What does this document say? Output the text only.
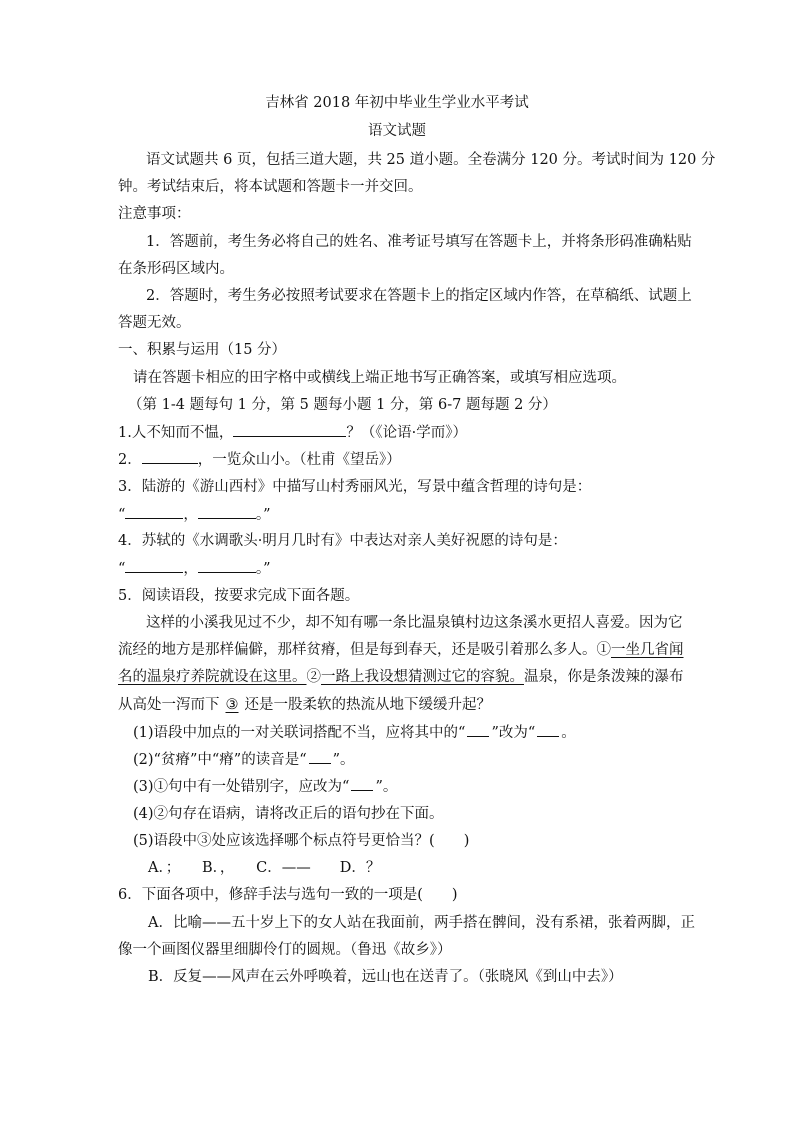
吉林省 2018 年初中毕业生学业水平考试
语文试题
语文试题共 6 页，包括三道大题，共 25 道小题。全卷满分 120 分。考试时间为 120 分
钟。考试结束后，将本试题和答题卡一并交回。
注意事项：
1．答题前，考生务必将自己的姓名、准考证号填写在答题卡上，并将条形码准确粘贴
在条形码区域内。
2．答题时，考生务必按照考试要求在答题卡上的指定区域内作答，在草稿纸、试题上
答题无效。
一、积累与运用（15 分）
请在答题卡相应的田字格中或横线上端正地书写正确答案，或填写相应选项。
（第 1-4 题每句 1 分，第 5 题每小题 1 分，第 6-7 题每题 2 分）
1.人不知而不愠，	？（《论语·学而》）
2．	，一览众山小。（杜甫《望岳》）
3．陆游的《游山西村》中描写山村秀丽风光，写景中蕴含哲理的诗句是：
“	，	。”
4．苏轼的《水调歌头·明月几时有》中表达对亲人美好祝愿的诗句是：
“	，	。”
5．阅读语段，按要求完成下面各题。
这样的小溪我见过不少，却不知有哪一条比温泉镇村边这条溪水更招人喜爱。因为它
流经的地方是那样偏僻，那样贫瘠，但是每到春天，还是吸引着那么多人。①一坐几省闻
名的温泉疗养院就设在这里。②一路上我设想猜测过它的容貌。温泉，你是条泼辣的瀑布
从高处一泻而下 ③ 还是一股柔软的热流从地下缓缓升起？
(1)语段中加点的一对关联词搭配不当，应将其中的“ ”改为“ 。
(2)“贫瘠”中“瘠”的读音是“ ”。
(3)①句中有一处错别字，应改为“ ”。
(4)②句存在语病，请将改正后的语句抄在下面。
(5)语段中③处应该选择哪个标点符号更恰当？(　　)
A．；　　B．，　　C．——　　D．？
6．下面各项中，修辞手法与选句一致的一项是(　　)
A．比喻——五十岁上下的女人站在我面前，两手搭在髀间，没有系裙，张着两脚，正
像一个画图仪器里细脚伶仃的圆规。（鲁迅《故乡》）
B．反复——风声在云外呼唤着，远山也在送青了。（张晓风《到山中去》）
